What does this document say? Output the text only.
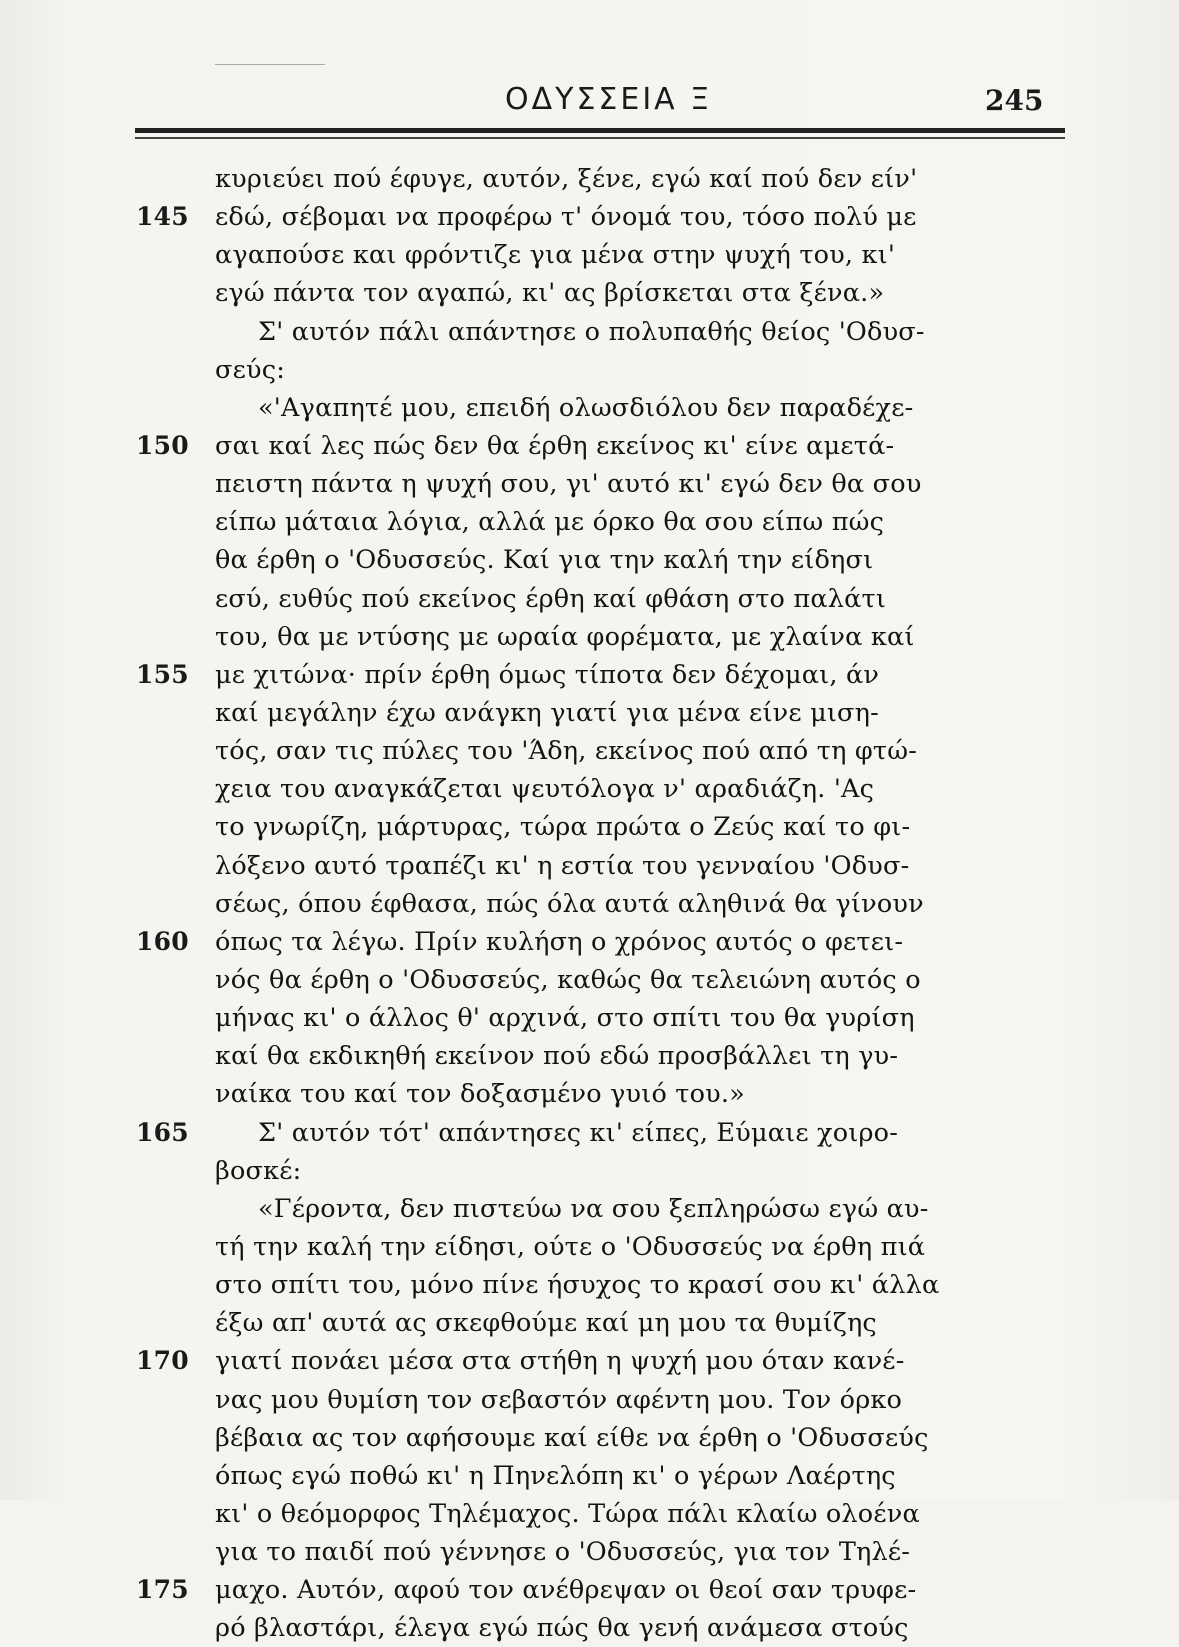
ΟΔΥΣΣΕΙΑ Ξ	245
κυριεύει πού έφυγε, αυτόν, ξένε, εγώ καί πού δεν είν'
145	εδώ, σέβομαι να προφέρω τ' όνομά του, τόσο πολύ με
αγαπούσε και φρόντιζε για μένα στην ψυχή του, κι'
εγώ πάντα τον αγαπώ, κι' ας βρίσκεται στα ξένα.»
Σ' αυτόν πάλι απάντησε ο πολυπαθής θείος 'Οδυσ-
σεύς:
«'Αγαπητέ μου, επειδή ολωσδιόλου δεν παραδέχε-
150	σαι καί λες πώς δεν θα έρθη εκείνος κι' είνε αμετά-
πειστη πάντα η ψυχή σου, γι' αυτό κι' εγώ δεν θα σου
είπω μάταια λόγια, αλλά με όρκο θα σου είπω πώς
θα έρθη ο 'Οδυσσεύς. Καί για την καλή την είδησι
εσύ, ευθύς πού εκείνος έρθη καί φθάση στο παλάτι
του, θα με ντύσης με ωραία φορέματα, με χλαίνα καί
155	με χιτώνα· πρίν έρθη όμως τίποτα δεν δέχομαι, άν
καί μεγάλην έχω ανάγκη γιατί για μένα είνε μιση-
τός, σαν τις πύλες του 'Άδη, εκείνος πού από τη φτώ-
χεια του αναγκάζεται ψευτόλογα ν' αραδιάζη. 'Ας
το γνωρίζη, μάρτυρας, τώρα πρώτα ο Ζεύς καί το φι-
λόξενο αυτό τραπέζι κι' η εστία του γενναίου 'Οδυσ-
σέως, όπου έφθασα, πώς όλα αυτά αληθινά θα γίνουν
160	όπως τα λέγω. Πρίν κυλήση ο χρόνος αυτός ο φετει-
νός θα έρθη ο 'Οδυσσεύς, καθώς θα τελειώνη αυτός ο
μήνας κι' ο άλλος θ' αρχινά, στο σπίτι του θα γυρίση
καί θα εκδικηθή εκείνον πού εδώ προσβάλλει τη γυ-
ναίκα του καί τον δοξασμένο γυιό του.»
165	Σ' αυτόν τότ' απάντησες κι' είπες, Εύμαιε χοιρο-
βοσκέ:
«Γέροντα, δεν πιστεύω να σου ξεπληρώσω εγώ αυ-
τή την καλή την είδησι, ούτε ο 'Οδυσσεύς να έρθη πιά
στο σπίτι του, μόνο πίνε ήσυχος το κρασί σου κι' άλλα
έξω απ' αυτά ας σκεφθούμε καί μη μου τα θυμίζης
170	γιατί πονάει μέσα στα στήθη η ψυχή μου όταν κανέ-
νας μου θυμίση τον σεβαστόν αφέντη μου. Τον όρκο
βέβαια ας τον αφήσουμε καί είθε να έρθη ο 'Οδυσσεύς
όπως εγώ ποθώ κι' η Πηνελόπη κι' ο γέρων Λαέρτης
κι' ο θεόμορφος Τηλέμαχος. Τώρα πάλι κλαίω ολοένα
για το παιδί πού γέννησε ο 'Οδυσσεύς, για τον Τηλέ-
175	μαχο. Αυτόν, αφού τον ανέθρεψαν οι θεοί σαν τρυφε-
ρό βλαστάρι, έλεγα εγώ πώς θα γενή ανάμεσα στούς
